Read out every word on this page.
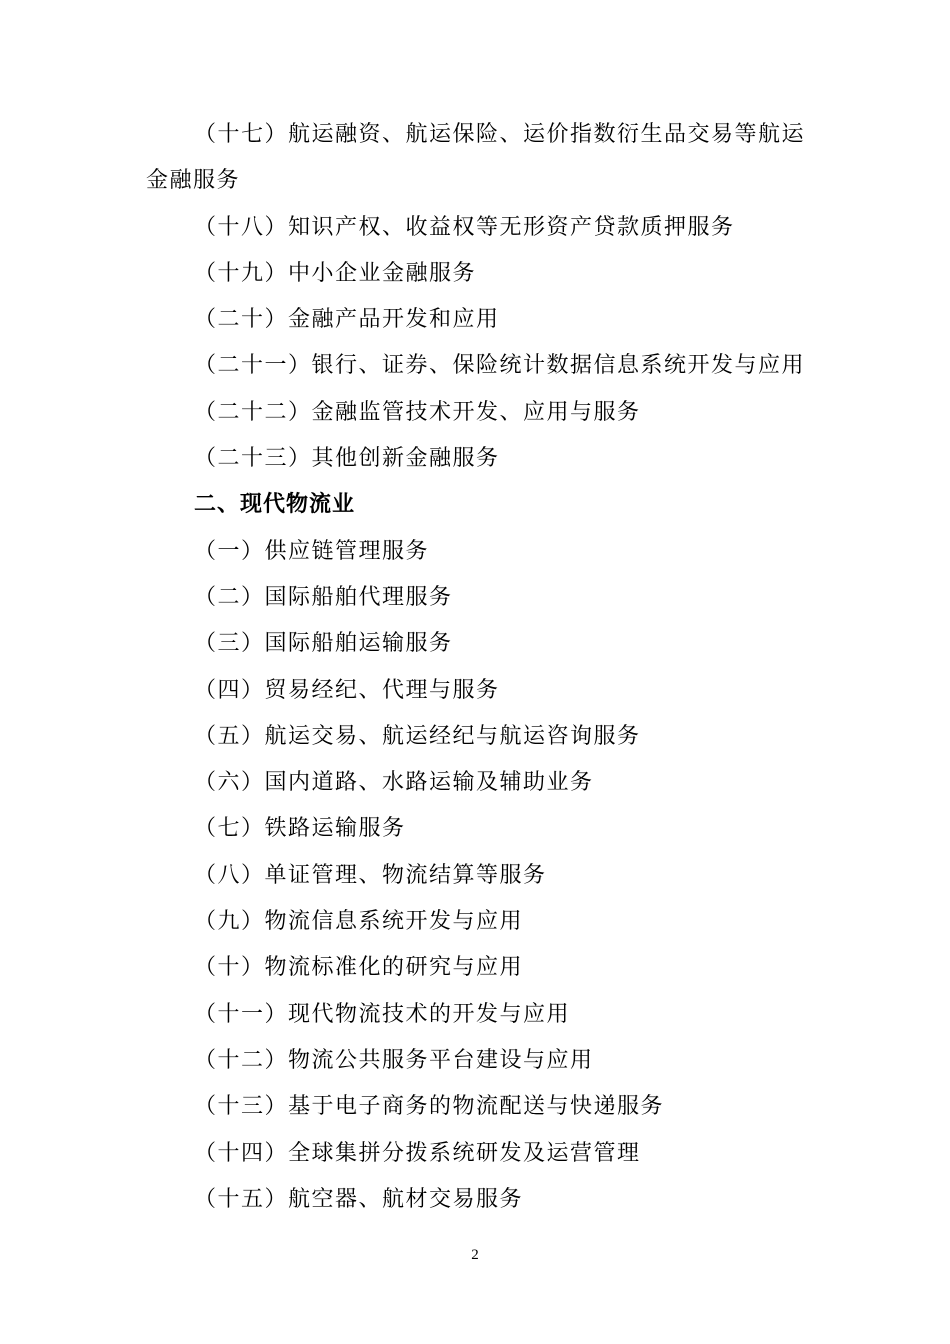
（十七）航运融资、航运保险、运价指数衍生品交易等航运金融服务
（十八）知识产权、收益权等无形资产贷款质押服务
（十九）中小企业金融服务
（二十）金融产品开发和应用
（二十一）银行、证券、保险统计数据信息系统开发与应用
（二十二）金融监管技术开发、应用与服务
（二十三）其他创新金融服务
二、现代物流业
（一）供应链管理服务
（二）国际船舶代理服务
（三）国际船舶运输服务
（四）贸易经纪、代理与服务
（五）航运交易、航运经纪与航运咨询服务
（六）国内道路、水路运输及辅助业务
（七）铁路运输服务
（八）单证管理、物流结算等服务
（九）物流信息系统开发与应用
（十）物流标准化的研究与应用
（十一）现代物流技术的开发与应用
（十二）物流公共服务平台建设与应用
（十三）基于电子商务的物流配送与快递服务
（十四）全球集拼分拨系统研发及运营管理
（十五）航空器、航材交易服务
2
